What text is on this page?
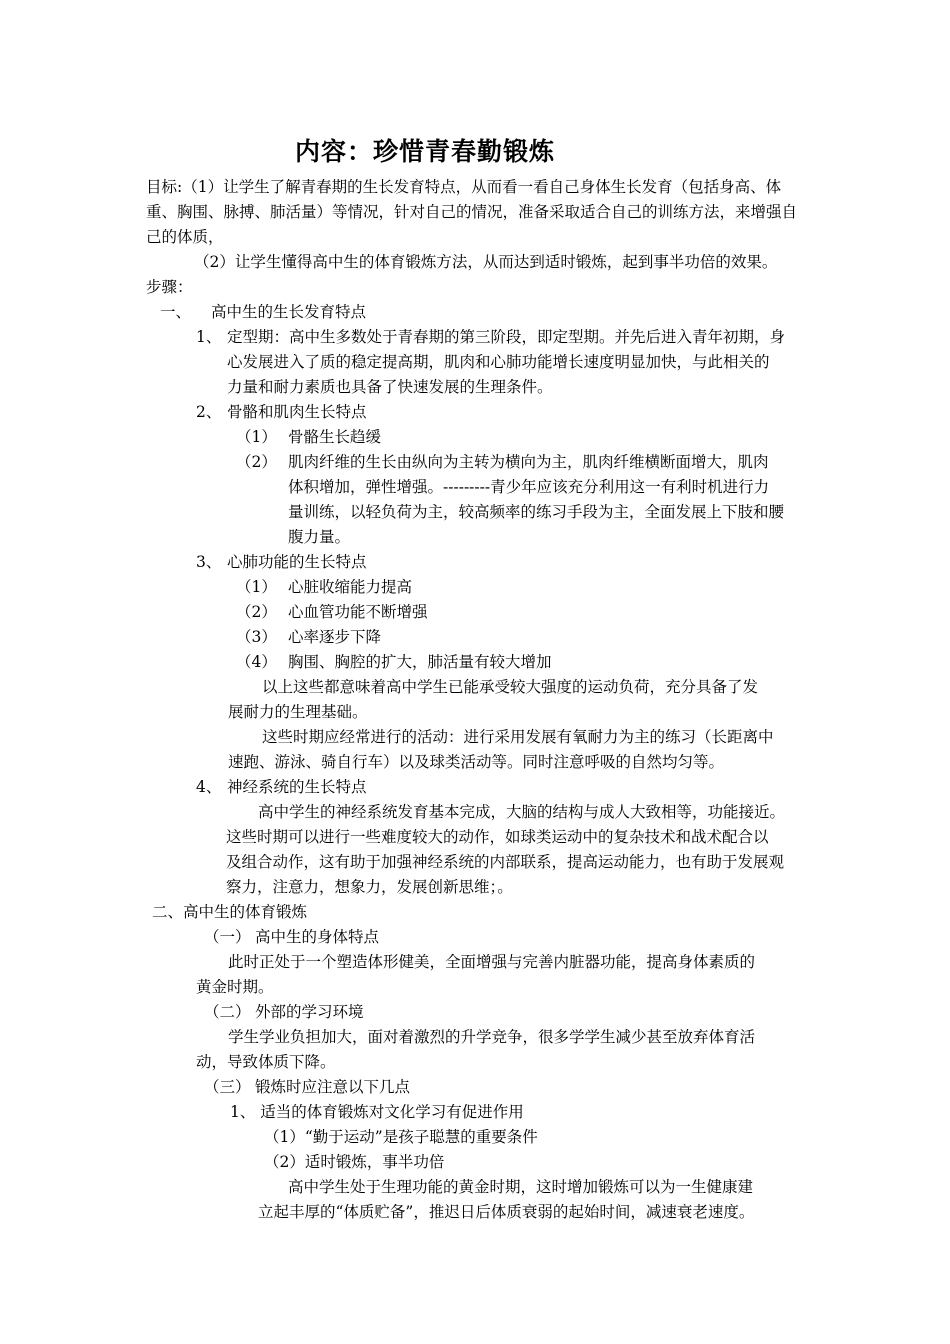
内容：珍惜青春勤锻炼
目标:（1）让学生了解青春期的生长发育特点，从而看一看自己身体生长发育（包括身高、体
重、胸围、脉搏、肺活量）等情况，针对自己的情况，准备采取适合自己的训练方法，来增强自
己的体质，
（2）让学生懂得高中生的体育锻炼方法，从而达到适时锻炼，起到事半功倍的效果。
步骤：
一、 高中生的生长发育特点
1、 定型期：高中生多数处于青春期的第三阶段，即定型期。并先后进入青年初期，身
心发展进入了质的稳定提高期，肌肉和心肺功能增长速度明显加快，与此相关的
力量和耐力素质也具备了快速发展的生理条件。
2、 骨骼和肌肉生长特点
（1） 骨骼生长趋缓
（2） 肌肉纤维的生长由纵向为主转为横向为主，肌肉纤维横断面增大，肌肉
体积增加，弹性增强。---------青少年应该充分利用这一有利时机进行力
量训练，以轻负荷为主，较高频率的练习手段为主，全面发展上下肢和腰
腹力量。
3、 心肺功能的生长特点
（1） 心脏收缩能力提高
（2） 心血管功能不断增强
（3） 心率逐步下降
（4） 胸围、胸腔的扩大，肺活量有较大增加
以上这些都意味着高中学生已能承受较大强度的运动负荷，充分具备了发
展耐力的生理基础。
这些时期应经常进行的活动：进行采用发展有氧耐力为主的练习（长距离中
速跑、游泳、骑自行车）以及球类活动等。同时注意呼吸的自然均匀等。
4、 神经系统的生长特点
高中学生的神经系统发育基本完成，大脑的结构与成人大致相等，功能接近。
这些时期可以进行一些难度较大的动作，如球类运动中的复杂技术和战术配合以
及组合动作，这有助于加强神经系统的内部联系，提高运动能力，也有助于发展观
察力，注意力，想象力，发展创新思维；。
二、高中生的体育锻炼
（一） 高中生的身体特点
此时正处于一个塑造体形健美，全面增强与完善内脏器功能，提高身体素质的
黄金时期。
（二） 外部的学习环境
学生学业负担加大，面对着激烈的升学竞争，很多学学生减少甚至放弃体育活
动，导致体质下降。
（三） 锻炼时应注意以下几点
1、 适当的体育锻炼对文化学习有促进作用
（1）“勤于运动”是孩子聪慧的重要条件
（2）适时锻炼，事半功倍
高中学生处于生理功能的黄金时期，这时增加锻炼可以为一生健康建
立起丰厚的“体质贮备”，推迟日后体质衰弱的起始时间，减速衰老速度。
